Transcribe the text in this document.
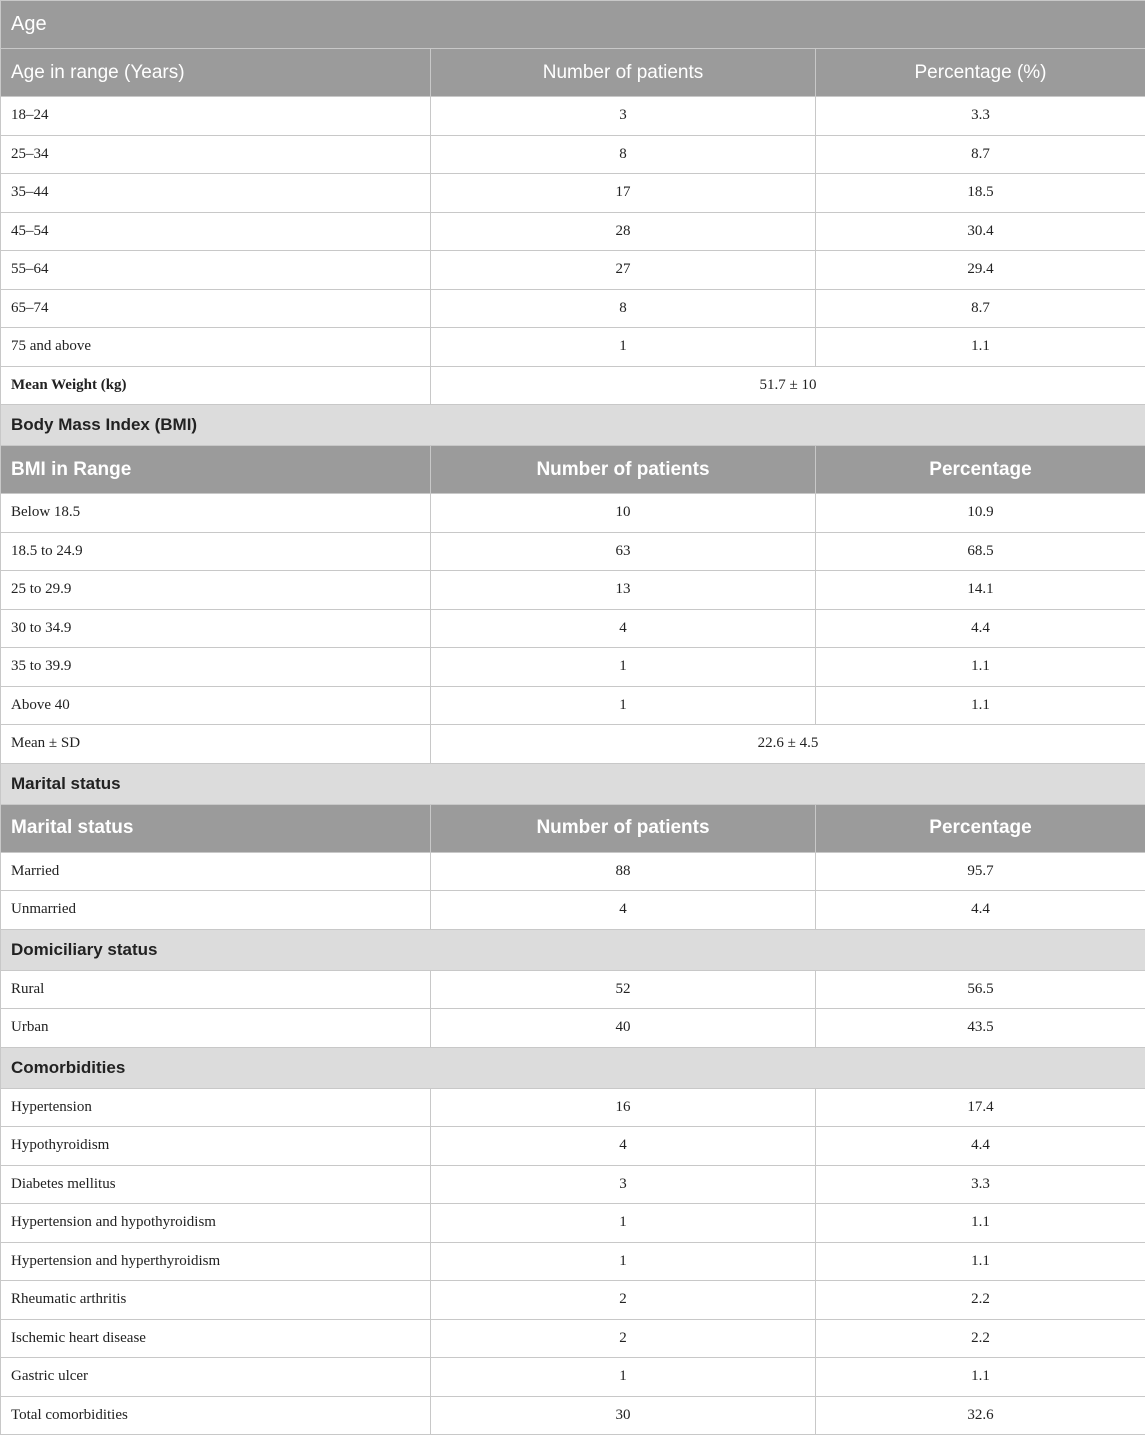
Age		
Age in range (Years)	Number of patients	Percentage (%)
18–24	3	3.3
25–34	8	8.7
35–44	17	18.5
45–54	28	30.4
55–64	27	29.4
65–74	8	8.7
75 and above	1	1.1
Mean Weight (kg)	51.7 ± 10	
Body Mass Index (BMI)		
BMI in Range	Number of patients	Percentage
Below 18.5	10	10.9
18.5 to 24.9	63	68.5
25 to 29.9	13	14.1
30 to 34.9	4	4.4
35 to 39.9	1	1.1
Above 40	1	1.1
Mean ± SD	22.6 ± 4.5	
Marital status		
Marital status	Number of patients	Percentage
Married	88	95.7
Unmarried	4	4.4
Domiciliary status		
Rural	52	56.5
Urban	40	43.5
Comorbidities		
Hypertension	16	17.4
Hypothyroidism	4	4.4
Diabetes mellitus	3	3.3
Hypertension and hypothyroidism	1	1.1
Hypertension and hyperthyroidism	1	1.1
Rheumatic arthritis	2	2.2
Ischemic heart disease	2	2.2
Gastric ulcer	1	1.1
Total comorbidities	30	32.6
